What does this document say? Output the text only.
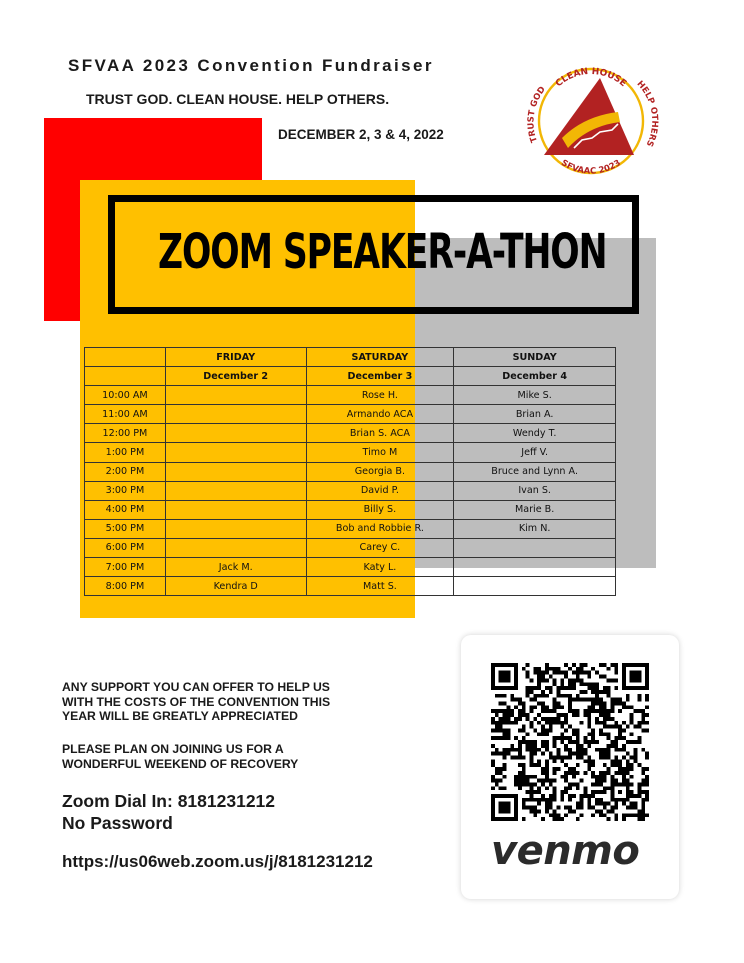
SFVAA 2023 Convention Fundraiser
TRUST GOD. CLEAN HOUSE. HELP OTHERS.
DECEMBER 2, 3 & 4, 2022
CLEAN HOUSE
TRUST GOD	HELP OTHERS
SFVAAC 2023
ZOOM SPEAKER-A-THON
	FRIDAY	SATURDAY	SUNDAY
	December 2	December 3	December 4
10:00 AM		Rose H.	Mike S.
11:00 AM		Armando ACA	Brian A.
12:00 PM		Brian S. ACA	Wendy T.
1:00 PM		Timo M	Jeff V.
2:00 PM		Georgia B.	Bruce and Lynn A.
3:00 PM		David P.	Ivan S.
4:00 PM		Billy S.	Marie B.
5:00 PM		Bob and Robbie R.	Kim N.
6:00 PM		Carey C.	
7:00 PM	Jack M.	Katy L.	
8:00 PM	Kendra D	Matt S.	
ANY SUPPORT YOU CAN OFFER TO HELP US
WITH THE COSTS OF THE CONVENTION THIS
YEAR WILL BE GREATLY APPRECIATED
PLEASE PLAN ON JOINING US FOR A
WONDERFUL WEEKEND OF RECOVERY
Zoom Dial In: 8181231212
No Password
https://us06web.zoom.us/j/8181231212	venmo
